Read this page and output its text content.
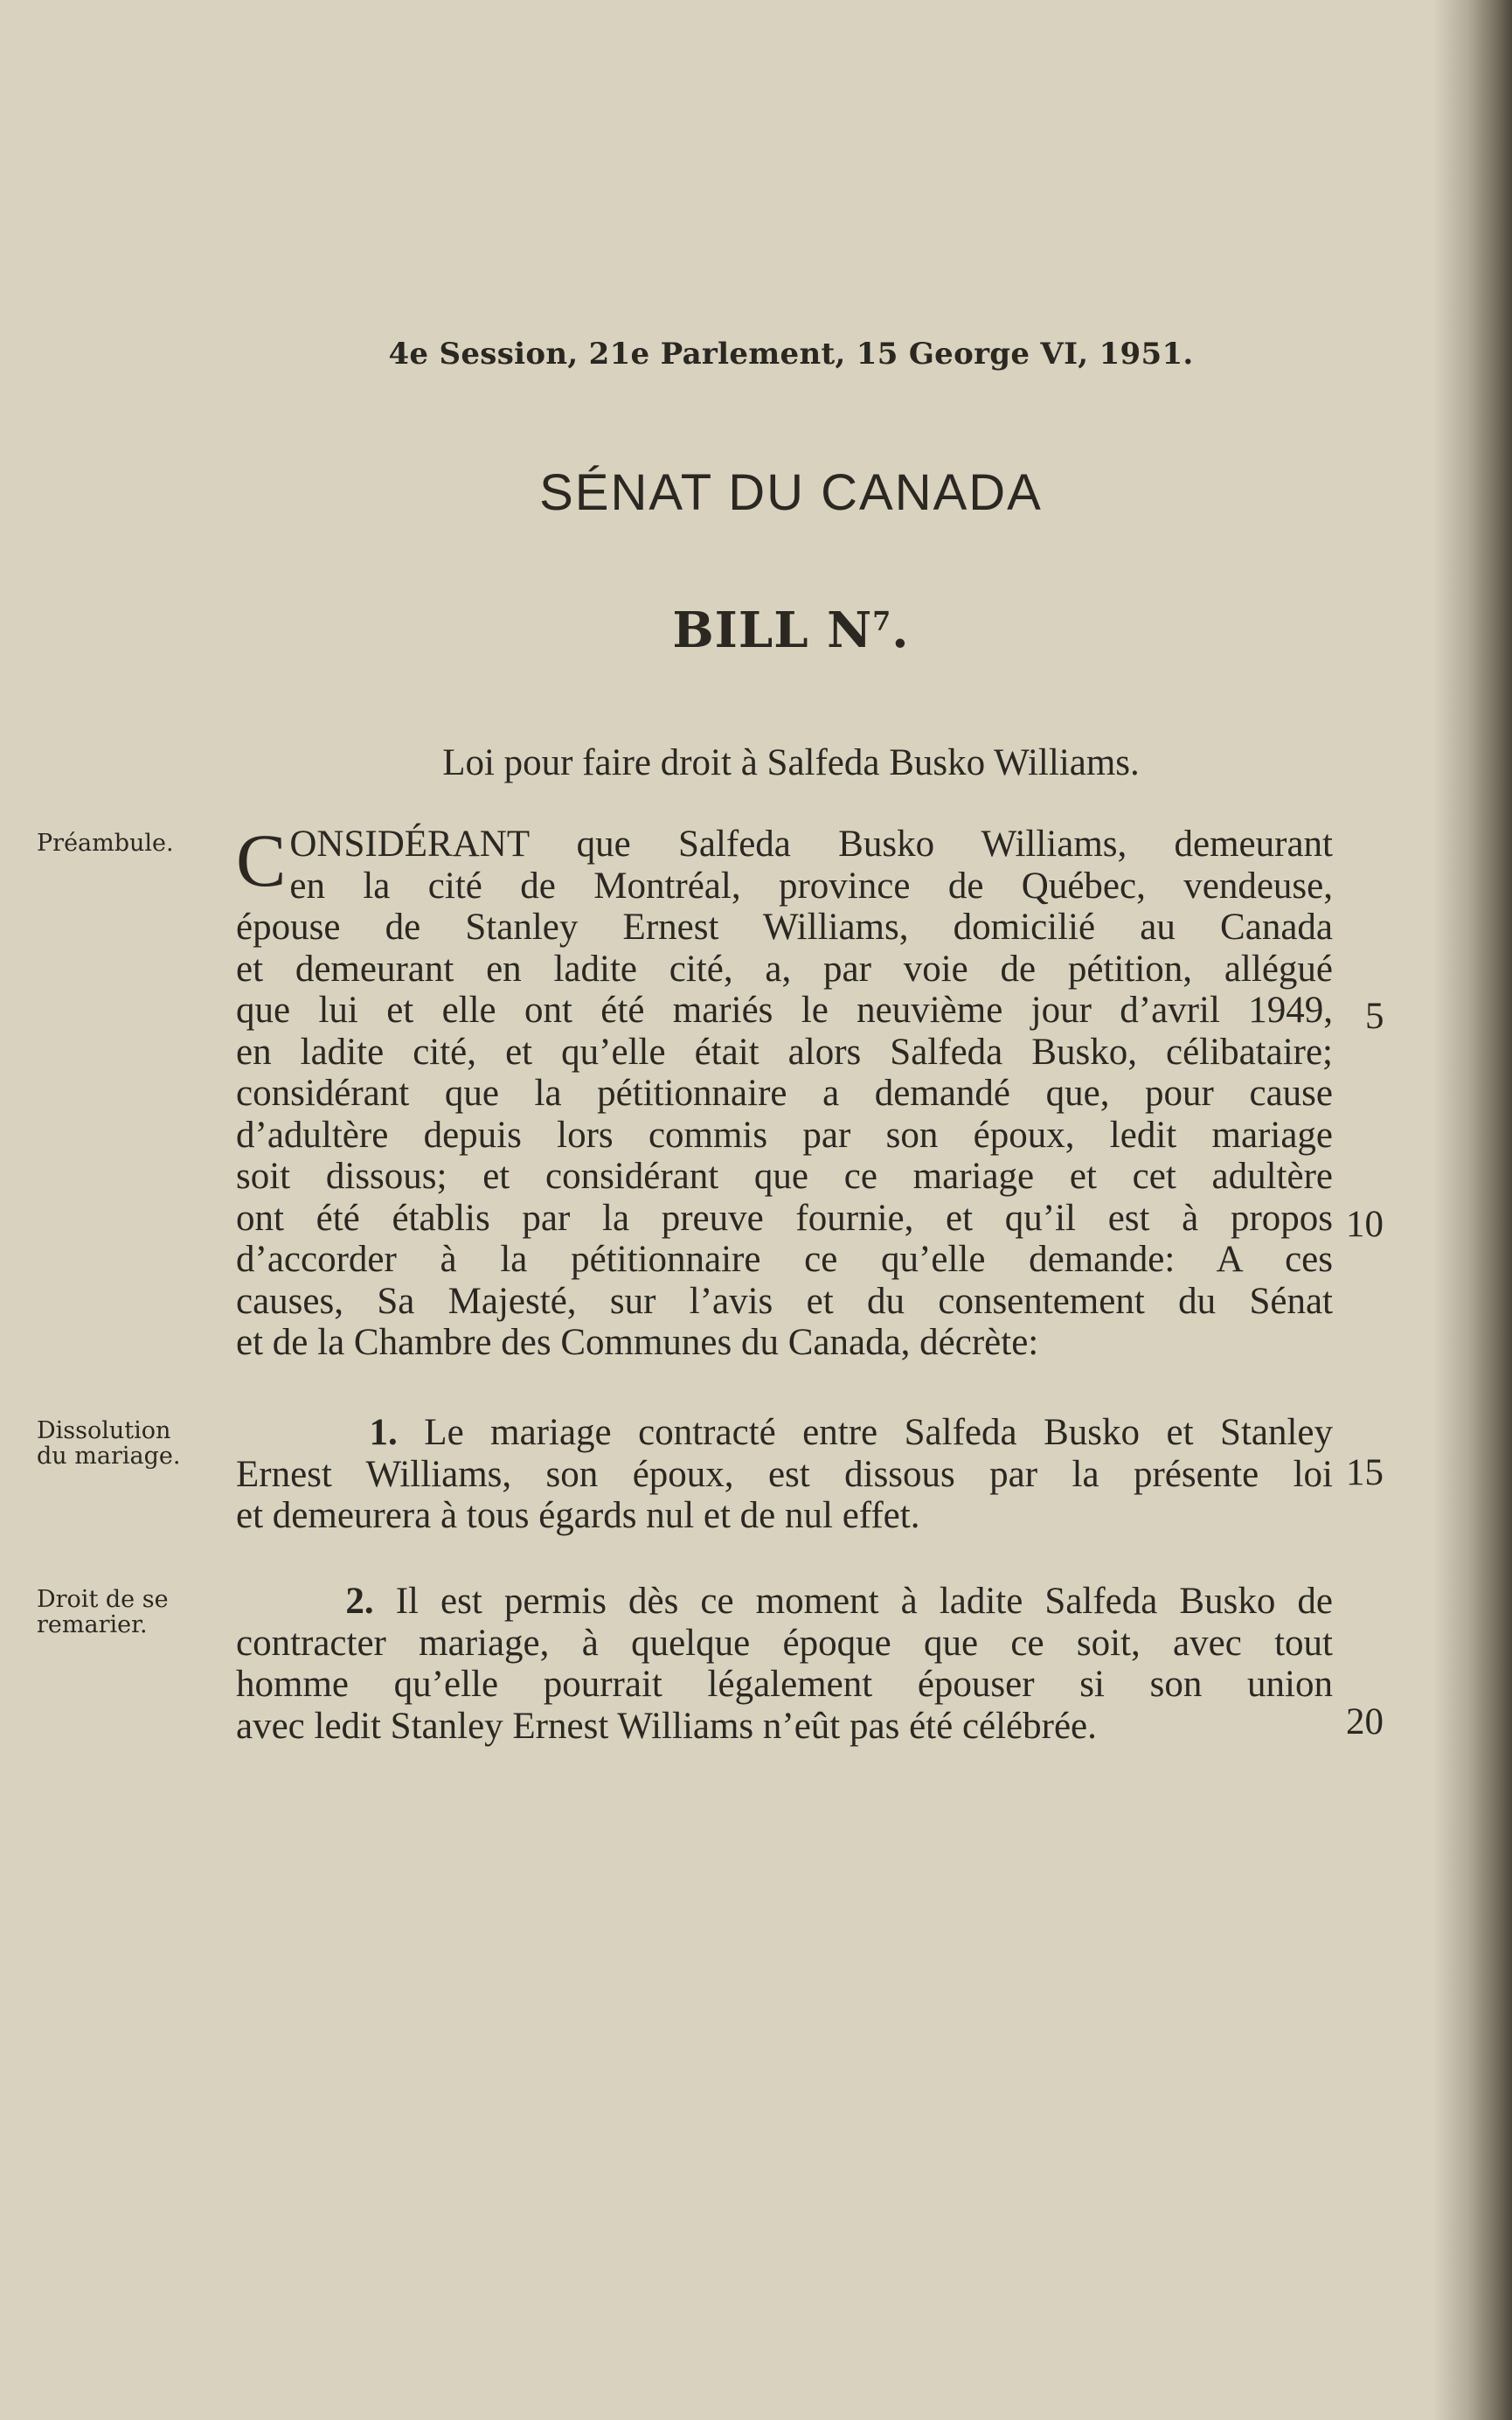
4e Session, 21e Parlement, 15 George VI, 1951.
SÉNAT DU CANADA
BILL $N^7$.
Loi pour faire droit à Salfeda Busko Williams.
Préambule. C ONSIDÉRANT que Salfeda Busko Williams, demeurant
en la cité de Montréal, province de Québec, vendeuse,
épouse de Stanley Ernest Williams, domicilié au Canada
et demeurant en ladite cité, a, par voie de pétition, allégué
que lui et elle ont été mariés le neuvième jour d’avril 1949,
en ladite cité, et qu’elle était alors Salfeda Busko, célibataire;
considérant que la pétitionnaire a demandé que, pour cause
d’adultère depuis lors commis par son époux, ledit mariage
soit dissous; et considérant que ce mariage et cet adultère
ont été établis par la preuve fournie, et qu’il est à propos
d’accorder à la pétitionnaire ce qu’elle demande: A ces
causes, Sa Majesté, sur l’avis et du consentement du Sénat
et de la Chambre des Communes du Canada, décrète:
Dissolution
du mariage.
1. Le mariage contracté entre Salfeda Busko et Stanley
Ernest Williams, son époux, est dissous par la présente loi
et demeurera à tous égards nul et de nul effet.
Droit de se
remarier.
2. Il est permis dès ce moment à ladite Salfeda Busko de
contracter mariage, à quelque époque que ce soit, avec tout
homme qu’elle pourrait légalement épouser si son union
avec ledit Stanley Ernest Williams n’eût pas été célébrée.
5
10
15
20
